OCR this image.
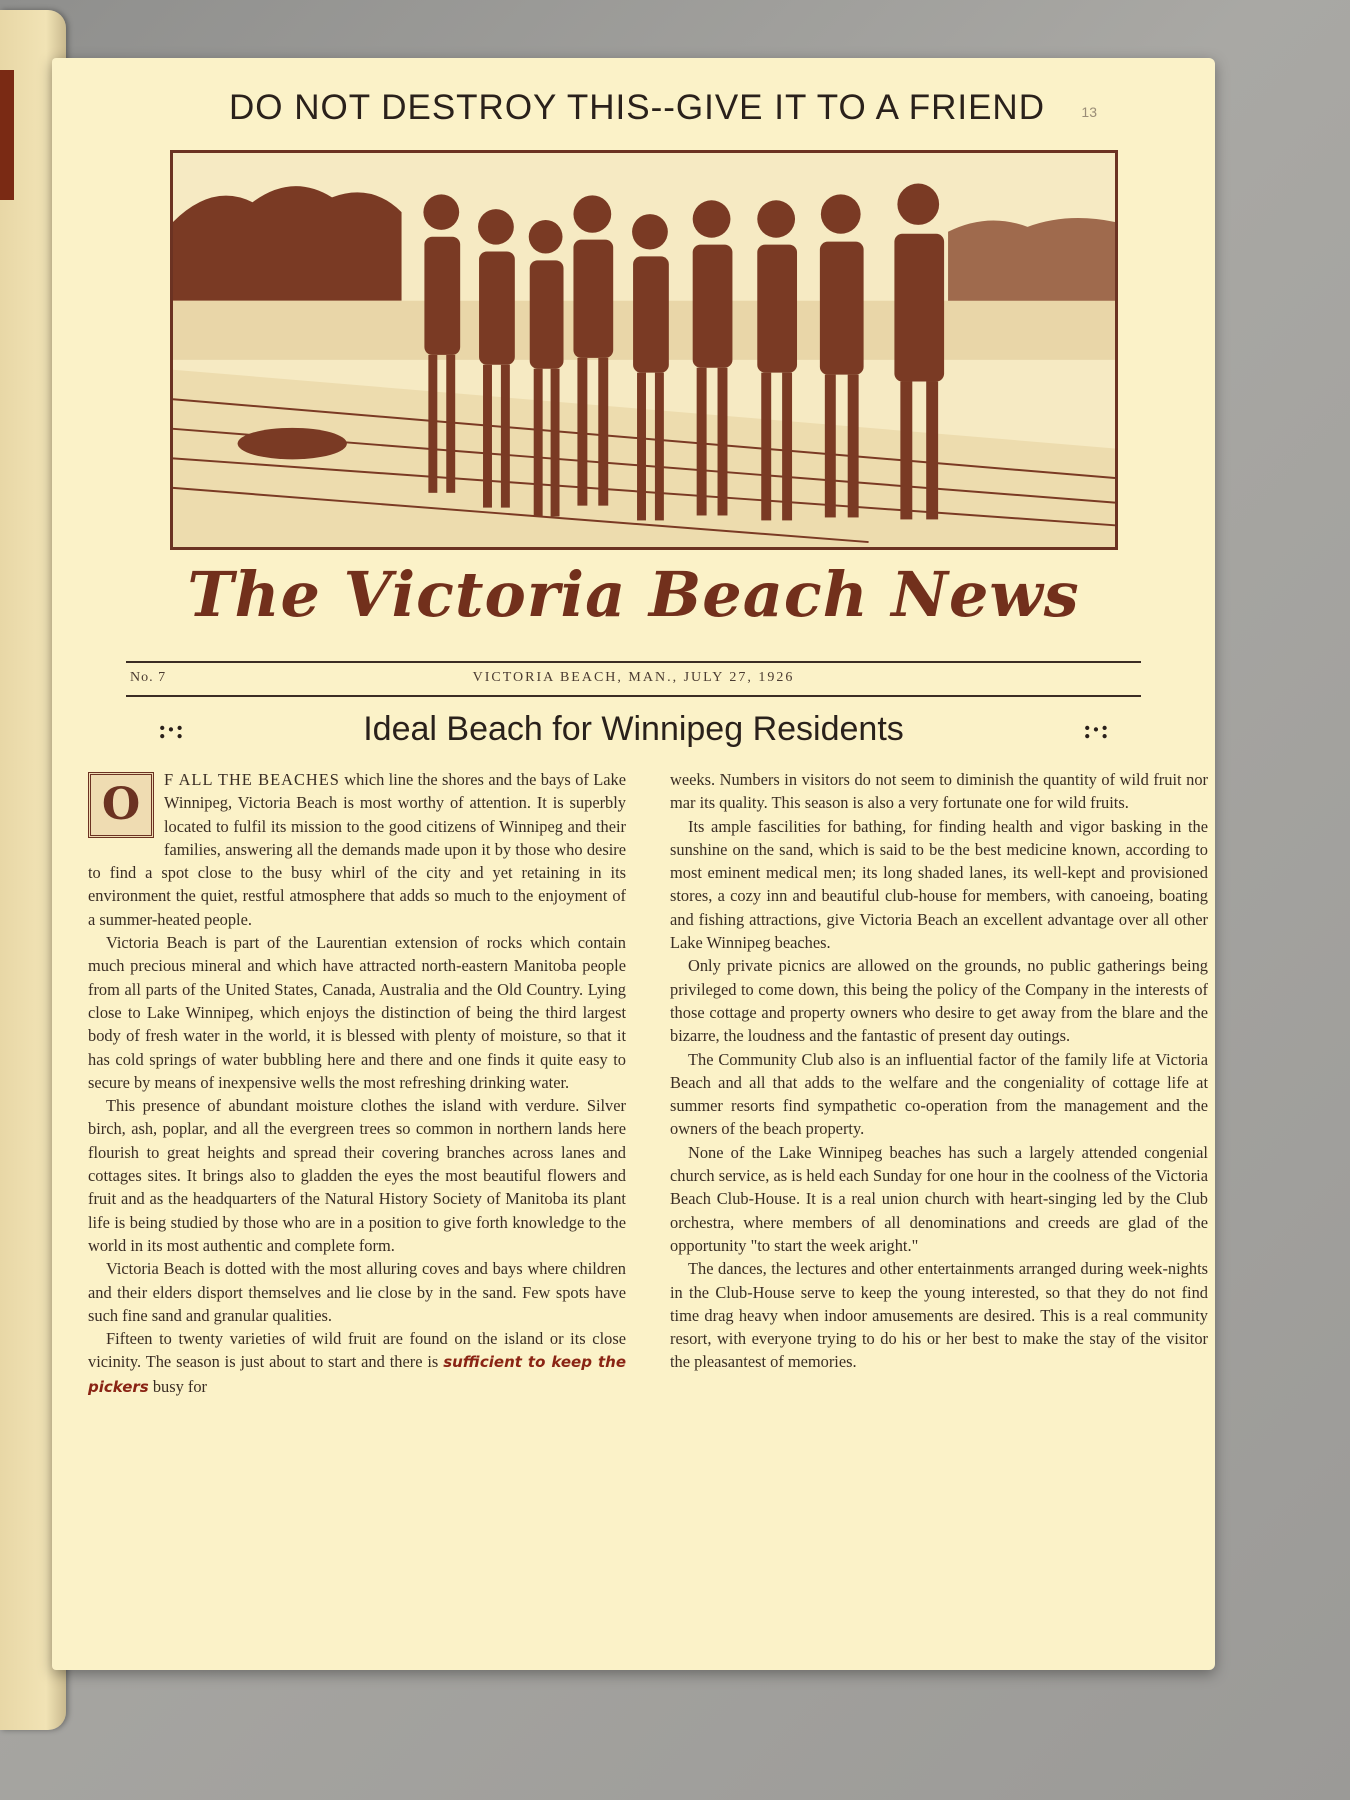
DO NOT DESTROY THIS--GIVE IT TO A FRIEND	13
The Victoria Beach News
No. 7	VICTORIA BEACH, MAN., JULY 27, 1926
:·:	Ideal Beach for Winnipeg Residents	:·:

O F ALL THE BEACHES which line the shores and the bays of Lake Winnipeg, Victoria Beach is most worthy of attention. It is superbly located to fulfil its mission to the good citizens of Winnipeg and their families, answering all the demands made upon it by those who desire to find a spot close to the busy whirl of the city and yet retaining in its environment the quiet, restful atmosphere that adds so much to the enjoyment of a summer-heated people.

Victoria Beach is part of the Laurentian extension of rocks which contain much precious mineral and which have attracted north-eastern Manitoba people from all parts of the United States, Canada, Australia and the Old Country. Lying close to Lake Winnipeg, which enjoys the distinction of being the third largest body of fresh water in the world, it is blessed with plenty of moisture, so that it has cold springs of water bubbling here and there and one finds it quite easy to secure by means of inexpensive wells the most refreshing drinking water.

This presence of abundant moisture clothes the island with verdure. Silver birch, ash, poplar, and all the evergreen trees so common in northern lands here flourish to great heights and spread their covering branches across lanes and cottages sites. It brings also to gladden the eyes the most beautiful flowers and fruit and as the headquarters of the Natural History Society of Manitoba its plant life is being studied by those who are in a position to give forth knowledge to the world in its most authentic and complete form.

Victoria Beach is dotted with the most alluring coves and bays where children and their elders disport themselves and lie close by in the sand. Few spots have such fine sand and granular qualities.

Fifteen to twenty varieties of wild fruit are found on the island or its close vicinity. The season is just about to start and there is sufficient to keep the pickers busy for

weeks. Numbers in visitors do not seem to diminish the quantity of wild fruit nor mar its quality. This season is also a very fortunate one for wild fruits.

Its ample fascilities for bathing, for finding health and vigor basking in the sunshine on the sand, which is said to be the best medicine known, according to most eminent medical men; its long shaded lanes, its well-kept and provisioned stores, a cozy inn and beautiful club-house for members, with canoeing, boating and fishing attractions, give Victoria Beach an excellent advantage over all other Lake Winnipeg beaches.

Only private picnics are allowed on the grounds, no public gatherings being privileged to come down, this being the policy of the Company in the interests of those cottage and property owners who desire to get away from the blare and the bizarre, the loudness and the fantastic of present day outings.

The Community Club also is an influential factor of the family life at Victoria Beach and all that adds to the welfare and the congeniality of cottage life at summer resorts find sympathetic co-operation from the management and the owners of the beach property.

None of the Lake Winnipeg beaches has such a largely attended congenial church service, as is held each Sunday for one hour in the coolness of the Victoria Beach Club-House. It is a real union church with heart-singing led by the Club orchestra, where members of all denominations and creeds are glad of the opportunity "to start the week aright."

The dances, the lectures and other entertainments arranged during week-nights in the Club-House serve to keep the young interested, so that they do not find time drag heavy when indoor amusements are desired. This is a real community resort, with everyone trying to do his or her best to make the stay of the visitor the pleasantest of memories.
